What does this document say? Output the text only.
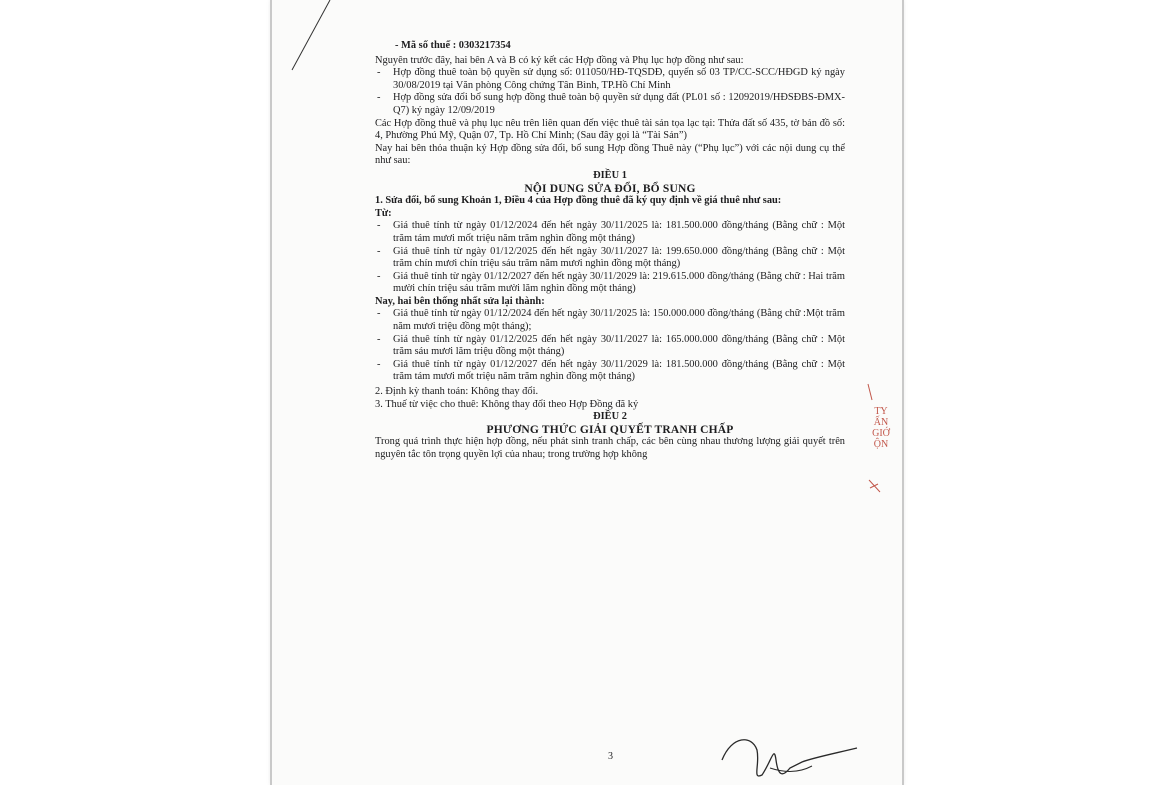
- Mã số thuế : 0303217354

Nguyên trước đây, hai bên A và B có ký kết các Hợp đồng và Phụ lục hợp đồng như sau:

- Hợp đồng thuê toàn bộ quyền sử dụng số: 011050/HĐ-TQSDĐ, quyển số 03 TP/CC-SCC/HĐGD ký ngày 30/08/2019 tại Văn phòng Công chứng Tân Bình, TP.Hồ Chí Minh
- Hợp đồng sửa đổi bổ sung hợp đồng thuê toàn bộ quyền sử dụng đất (PL01 số : 12092019/HĐSĐBS-ĐMX-Q7) ký ngày 12/09/2019

Các Hợp đồng thuê và phụ lục nêu trên liên quan đến việc thuê tài sản tọa lạc tại: Thửa đất số 435, tờ bản đồ số: 4, Phường Phú Mỹ, Quận 07, Tp. Hồ Chí Minh; (Sau đây gọi là “Tài Sản”)

Nay hai bên thỏa thuận ký Hợp đồng sửa đổi, bổ sung Hợp đồng Thuê này (“Phụ lục”) với các nội dung cụ thể như sau:

ĐIỀU 1

NỘI DUNG SỬA ĐỔI, BỔ SUNG

1. Sửa đổi, bổ sung Khoản 1, Điều 4 của Hợp đồng thuê đã ký quy định về giá thuê như sau:

Từ:

- Giá thuê tính từ ngày 01/12/2024 đến hết ngày 30/11/2025 là: 181.500.000 đồng/tháng (Bằng chữ : Một trăm tám mươi mốt triệu năm trăm nghìn đồng một tháng)
- Giá thuê tính từ ngày 01/12/2025 đến hết ngày 30/11/2027 là: 199.650.000 đồng/tháng (Bằng chữ : Một trăm chín mươi chín triệu sáu trăm năm mươi nghìn đồng một tháng)
- Giá thuê tính từ ngày 01/12/2027 đến hết ngày 30/11/2029 là: 219.615.000 đồng/tháng (Bằng chữ : Hai trăm mười chín triệu sáu trăm mười lăm nghìn đồng một tháng)

Nay, hai bên thống nhất sửa lại thành:

- Giá thuê tính từ ngày 01/12/2024 đến hết ngày 30/11/2025 là: 150.000.000 đồng/tháng (Bằng chữ :Một trăm năm mươi triệu đồng một tháng);
- Giá thuê tính từ ngày 01/12/2025 đến hết ngày 30/11/2027 là: 165.000.000 đồng/tháng (Bằng chữ : Một trăm sáu mươi lăm triệu đồng một tháng)
- Giá thuê tính từ ngày 01/12/2027 đến hết ngày 30/11/2029 là: 181.500.000 đồng/tháng (Bằng chữ : Một trăm tám mươi mốt triệu năm trăm nghìn đồng một tháng)

2. Định kỳ thanh toán: Không thay đổi.

3. Thuế từ việc cho thuê: Không thay đổi theo Hợp Đồng đã ký

ĐIỀU 2

PHƯƠNG THỨC GIẢI QUYẾT TRANH CHẤP

Trong quá trình thực hiện hợp đồng, nếu phát sinh tranh chấp, các bên cùng nhau thương lượng giải quyết trên nguyên tắc tôn trọng quyền lợi của nhau; trong trường hợp không

3
TY
ẤN
GIỚ
ỘN
